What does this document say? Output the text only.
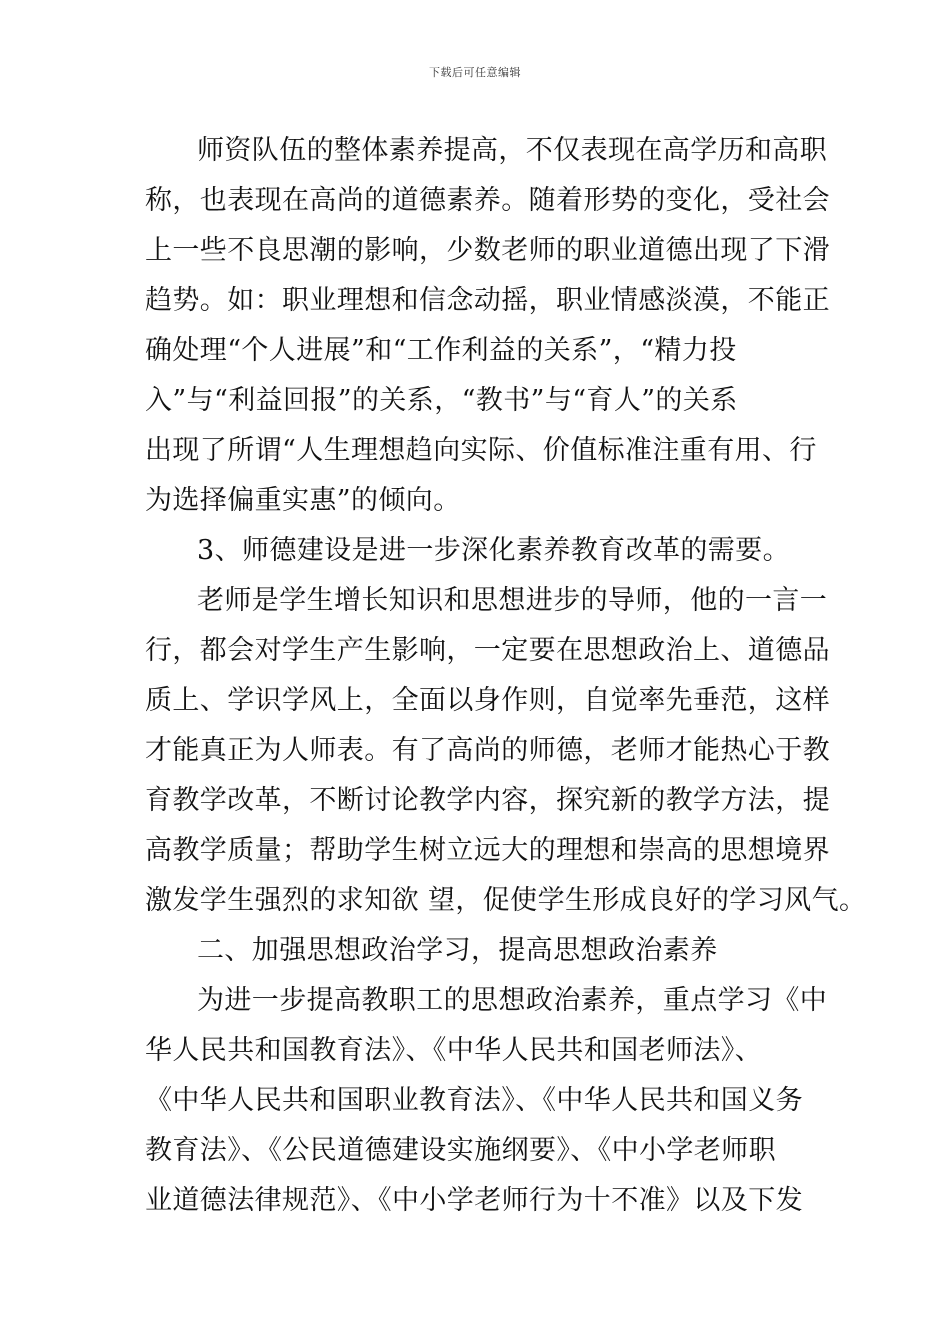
下载后可任意编辑
师资队伍的整体素养提高，不仅表现在高学历和高职
称，也表现在高尚的道德素养。随着形势的变化，受社会
上一些不良思潮的影响，少数老师的职业道德出现了下滑
趋势。如：职业理想和信念动摇，职业情感淡漠，不能正
确处理“个人进展”和“工作利益的关系”，“精力投
入”与“利益回报”的关系，“教书”与“育人”的关系
出现了所谓“人生理想趋向实际、价值标准注重有用、行
为选择偏重实惠”的倾向。
3、师德建设是进一步深化素养教育改革的需要。
老师是学生增长知识和思想进步的导师，他的一言一
行，都会对学生产生影响，一定要在思想政治上、道德品
质上、学识学风上，全面以身作则，自觉率先垂范，这样
才能真正为人师表。有了高尚的师德，老师才能热心于教
育教学改革，不断讨论教学内容，探究新的教学方法，提
高教学质量；帮助学生树立远大的理想和崇高的思想境界
激发学生强烈的求知欲 望，促使学生形成良好的学习风气。
二、加强思想政治学习，提高思想政治素养
为进一步提高教职工的思想政治素养，重点学习《中
华人民共和国教育法》、《中华人民共和国老师法》、
《中华人民共和国职业教育法》、《中华人民共和国义务
教育法》、《公民道德建设实施纲要》、《中小学老师职
业道德法律规范》、《中小学老师行为十不准》以及下发
